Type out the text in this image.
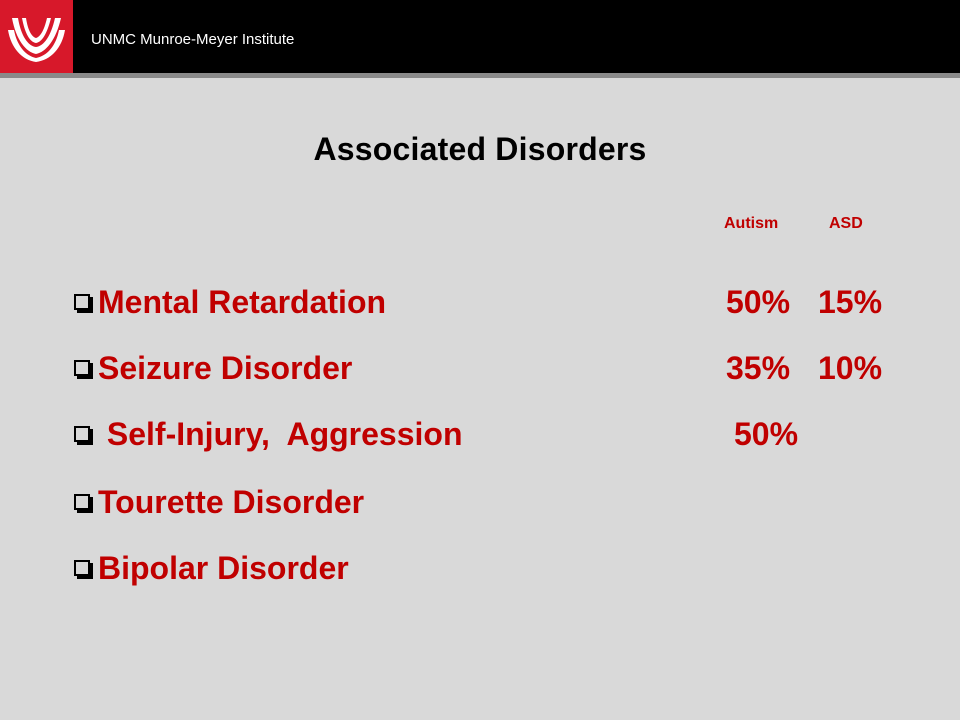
UNMC Munroe-Meyer Institute
Associated Disorders
Autism	ASD
Mental Retardation	50% 15%
Seizure Disorder	35% 10%
Self-Injury,  Aggression	50%
Tourette Disorder
Bipolar Disorder
